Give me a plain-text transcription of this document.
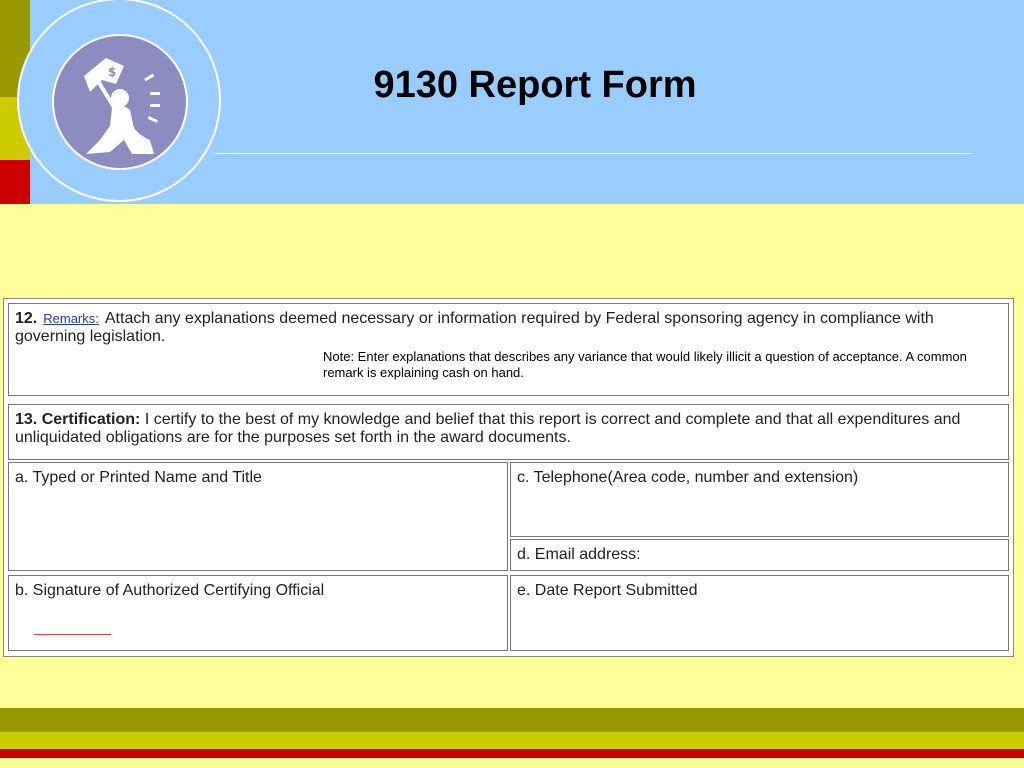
$	9130 Report Form
12. Remarks: Attach any explanations deemed necessary or information required by Federal sponsoring agency in compliance with governing legislation.
Note: Enter explanations that describes any variance that would likely illicit a question of acceptance. A common remark is explaining cash on hand.
13. Certification: I certify to the best of my knowledge and belief that this report is correct and complete and that all expenditures and unliquidated obligations are for the purposes set forth in the award documents.
a. Typed or Printed Name and Title	c. Telephone(Area code, number and extension)
d. Email address:
b. Signature of Authorized Certifying Official	e. Date Report Submitted
